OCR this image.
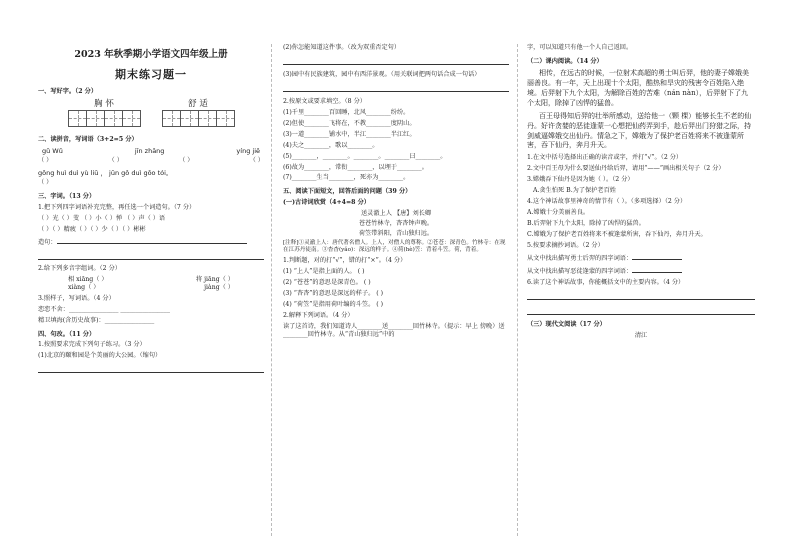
2023 年秋季期小学语文四年级上册
期末练习题一
一、写好字。（2 分）
胸 怀	舒 适
二、读拼音，写词语（3+2=5 分）
gǔ Wǔ	jīn zhāng	yíng jiē
（ ）	（ ）	（ ）	（ ）
gōng huì duì yù liū ， jūn gǒ duì gōo tói。
（ ）
三、字词。（13 分）
1.把下列四字词语补充完整，再任选一个词造句。（7 分）
（ ）光（ ）芰 （ ）小（ ）惮 （ ）声（ ）语
（ ）（ ）精疲（ ）（ ）少（ ）（ ）彬彬
造句：
2.给下列多音字组词。（2 分）
相 xiāng（ ）	将 jiāng（ ）
xiàng（ ）	jiàng（ ）
3.照样子，写词语。（4 分）
恋恋不舍：________________ ________________
精卫填海(含历史故事)：________________
四、句改。（11 分）
1.按照要求完成下列句子练习。（3 分）
(1)北京的颐和园是个美丽的大公园。（缩句）
(2)你怎能知道这件事。（改为双重否定句）
(3)园中有民族建筑，园中有西洋景观。（用关联词把两句话合成一句话）
2.按原文或要求填空。（8 分）
(1)千里________百回睡，北风________纷纷。
(2)但使________飞将在，不教________度阴山。
(3)一道________铺水中，半江________半江红。
(4)夫之________，歌以________。
(5)________，________。________。________曰________。
(6)故为________，常衔________，以埋于________。
(7)________生当________，死亦为________。
五、阅读下面短文，回答后面的问题（39 分）
(一)古诗词欣赏（4+4=8 分）
送灵澈上人 【唐】刘长卿
苍苍竹林寺，杳杳钟声晚。
荷笠带斜阳，青山独归远。
[注释]①灵澈上人：唐代著名僧人。上人，对僧人的尊称。②苍苍：深青色。竹林寺：在现在江苏丹徒南。③杳杳(yǎo)：深远的样子。④荷(hè)笠：背着斗笠。荷，背着。
1.判断题，对的打“√”，错的打“×”。（4 分）
(1) “上人”是指上面的人。 ( )
(2) “苍苍”的意思是深青色。 ( )
(3) “杳杳”的意思是深远的样子。 ( )
(4) “荷笠”是指用荷叶编的斗笠。 ( )
2.解释下列词语。（4 分）
读了这首诗，我们知道诗人________送________回竹林寺。（提示：早上 傍晚）送________回竹林寺。从“青山独归远”中的
字，可以知道只有他一个人自己返回。
（二）课内阅读。（14 分）
相传，在远古的时候，一位射术高超的勇士叫后羿，他的妻子嫦娥美丽善良。有一年，天上出现十个太阳，酷热和旱灾的残害令百姓陷入绝境。后羿射下九个太阳，为解除百姓的苦难（nán nàn），后羿射下了九个太阳，除掉了凶悍的猛兽。
百王母得知后羿的壮举所感动，送给他一（颗 棵）能够长生不老的仙丹。好许贪婪的恶徒逢蒙一心想把仙药弄到手，趁后羿出门狩猎之际，持剑威逼嫦娥交出仙丹。情急之下，嫦娥为了保护老百姓将来不被逢蒙所害，吞下仙丹，奔月升天。
1.在文中括号选择出正确的读音或字，并打“√”。（2 分）
2.文中百王母为什么要送仙丹给后羿，请用“——”画出相关句子（2 分）
3.嫦娥吞下仙丹是因为她（ ）。（2 分）
A.贪生怕死 B.为了保护老百姓
4.这个神话故事里神奇的情节有（ ）。（多项选择）（2 分）
A.嫦娥十分美丽善良。
B.后羿射下九个太阳，除掉了凶悍的猛兽。
C.嫦娥为了保护老百姓将来不被逢蒙所害，吞下仙丹，奔月升天。
5.按要求摘抄词语。（2 分）
从文中找出描写勇士后羿的四字词语：
从文中找出描写恶徒逢蒙的四字词语：
6.读了这个神话故事，你能概括文中的主要内容。（4 分）
（三）现代文阅读（17 分）
清江
